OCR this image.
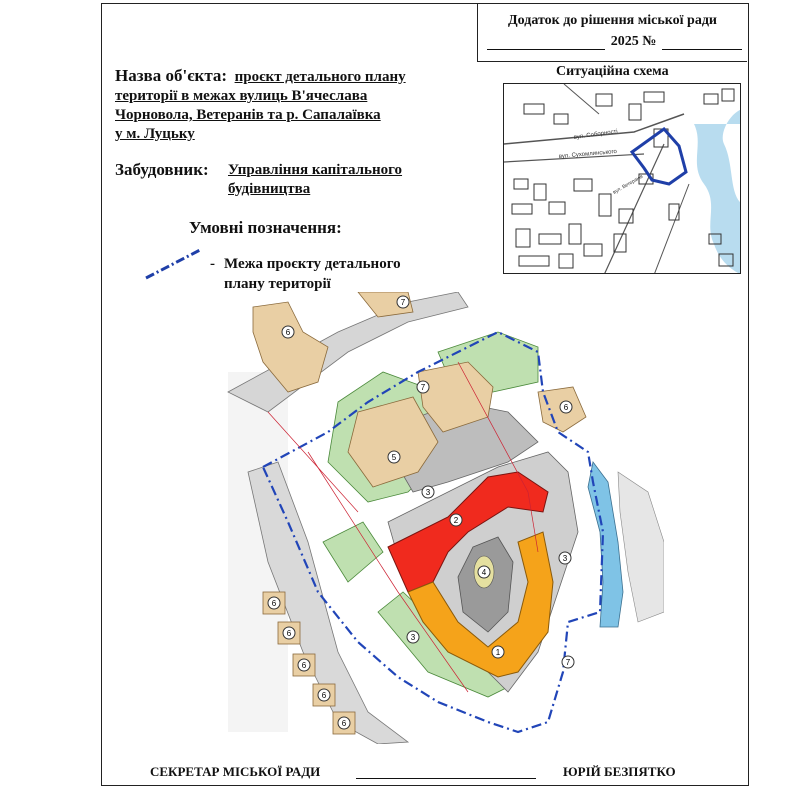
Додаток до рішення міської ради
2025 №
Назва об'єкта: проєкт детального плану
території в межах вулиць В'ячеслава
Чорновола, Ветеранів та р. Сапалаївка
у м. Луцьку
Забудовник:	Управління капітального
будівництва
Умовні позначення:
- Межа проєкту детального
плану території
Ситуаційна схема
вул. Сухомлинського
вул. Соборності
вул. Ветеранів
1
2
3
3
3
4
5
6
6
6
6
6
6
6
7
7
7
СЕКРЕТАР МІСЬКОЇ РАДИ	ЮРІЙ БЕЗПЯТКО
